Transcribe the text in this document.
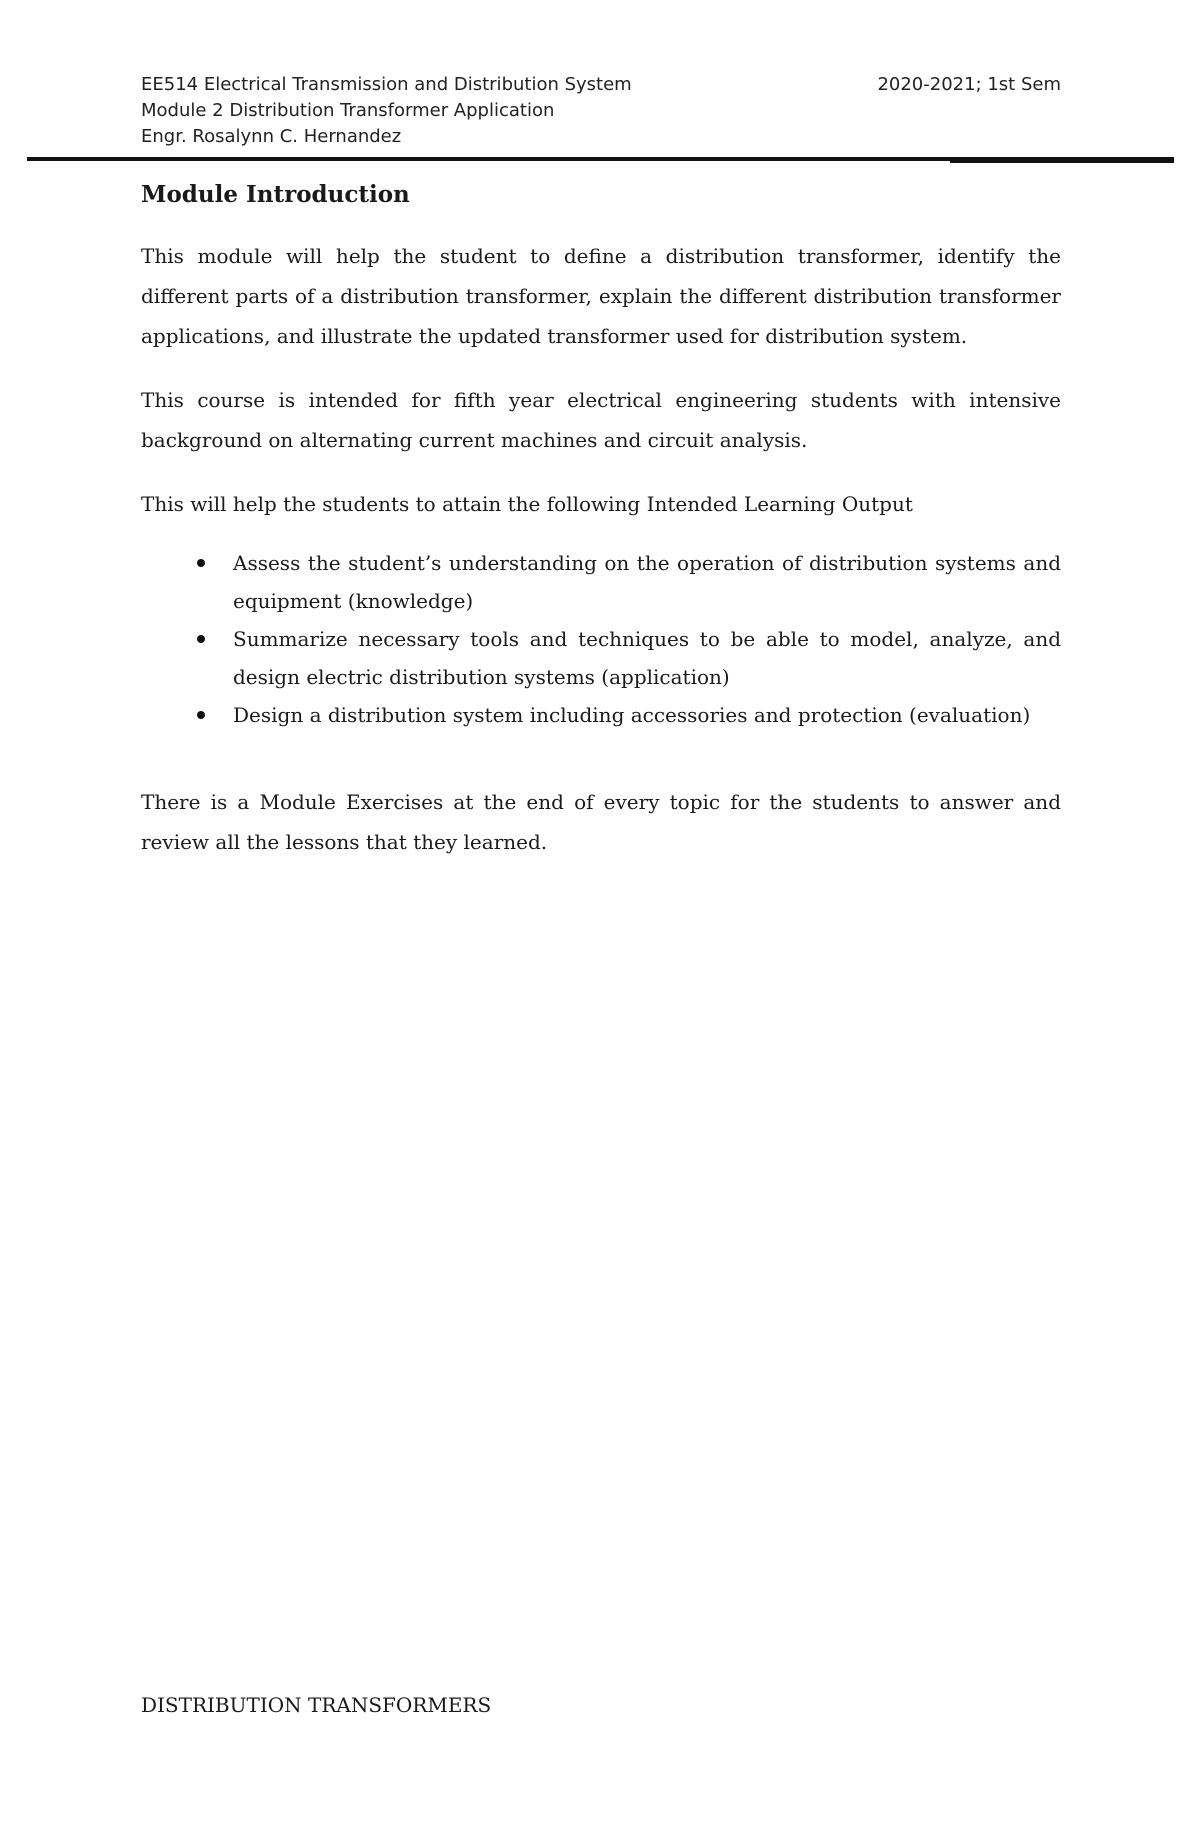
EE514 Electrical Transmission and Distribution System
Module 2 Distribution Transformer Application
Engr. Rosalynn C. Hernandez
2020-2021; 1st Sem
Module Introduction

This module will help the student to define a distribution transformer, identify the different parts of a distribution transformer, explain the different distribution transformer applications, and illustrate the updated transformer used for distribution system.

This course is intended for fifth year electrical engineering students with intensive background on alternating current machines and circuit analysis.

This will help the students to attain the following Intended Learning Output

Assess the student’s understanding on the operation of distribution systems and equipment (knowledge)
Summarize necessary tools and techniques to be able to model, analyze, and design electric distribution systems (application)
Design a distribution system including accessories and protection (evaluation)

There is a Module Exercises at the end of every topic for the students to answer and review all the lessons that they learned.

DISTRIBUTION TRANSFORMERS
